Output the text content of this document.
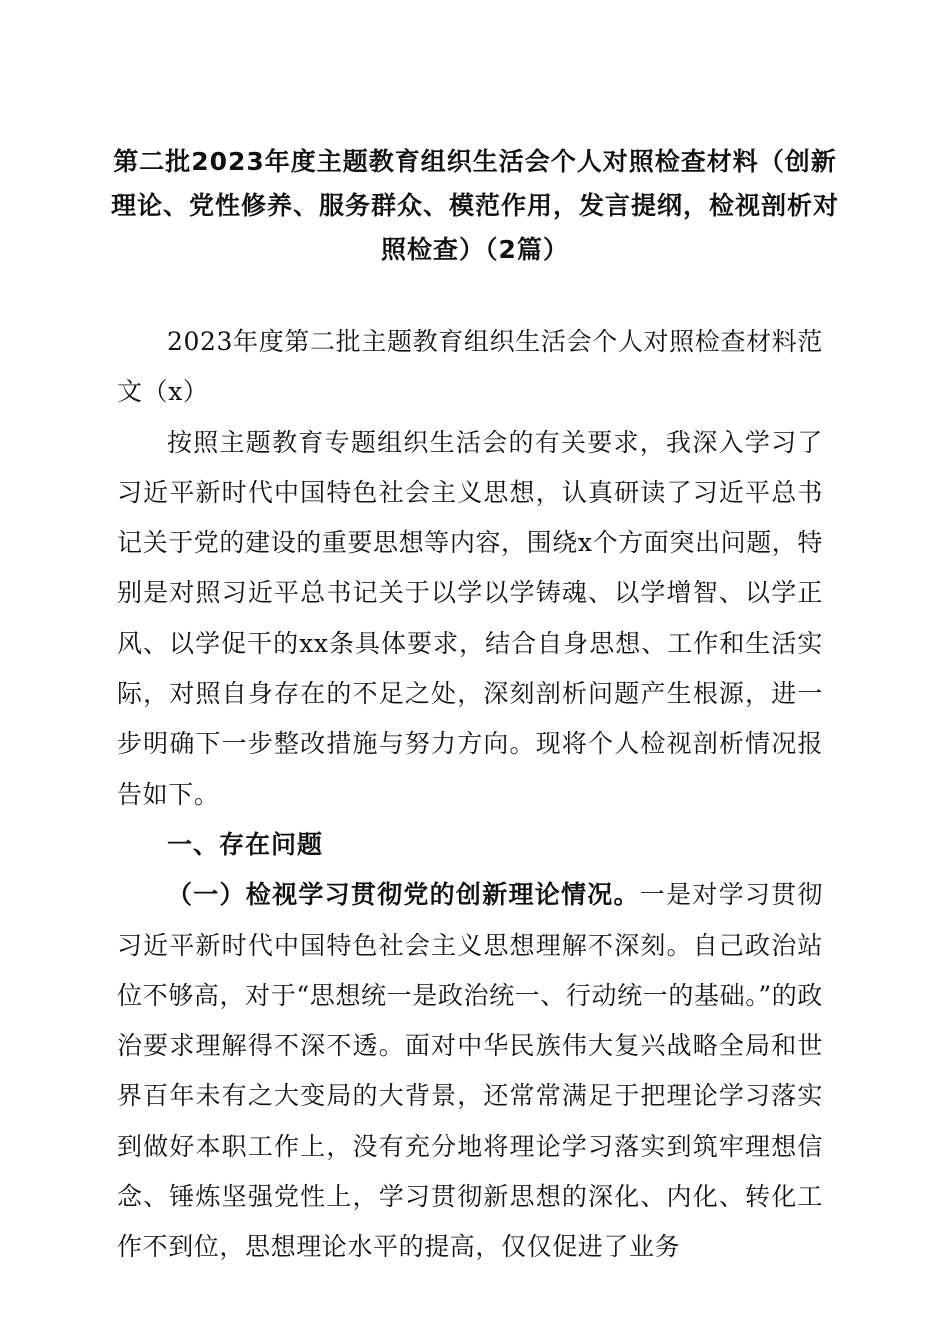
第二批2023年度主题教育组织生活会个人对照检查材料（创新理论、党性修养、服务群众、模范作用，发言提纲，检视剖析对照检查）（2篇）

2023年度第二批主题教育组织生活会个人对照检查材料范文（x）

按照主题教育专题组织生活会的有关要求，我深入学习了习近平新时代中国特色社会主义思想，认真研读了习近平总书记关于党的建设的重要思想等内容，围绕x个方面突出问题，特别是对照习近平总书记关于以学以学铸魂、以学增智、以学正风、以学促干的xx条具体要求，结合自身思想、工作和生活实际，对照自身存在的不足之处，深刻剖析问题产生根源，进一步明确下一步整改措施与努力方向。现将个人检视剖析情况报告如下。

一、存在问题

（一）检视学习贯彻党的创新理论情况。一是对学习贯彻习近平新时代中国特色社会主义思想理解不深刻。自己政治站位不够高，对于“思想统一是政治统一、行动统一的基础。”的政治要求理解得不深不透。面对中华民族伟大复兴战略全局和世界百年未有之大变局的大背景，还常常满足于把理论学习落实到做好本职工作上，没有充分地将理论学习落实到筑牢理想信念、锤炼坚强党性上，学习贯彻新思想的深化、内化、转化工作不到位，思想理论水平的提高，仅仅促进了业务
